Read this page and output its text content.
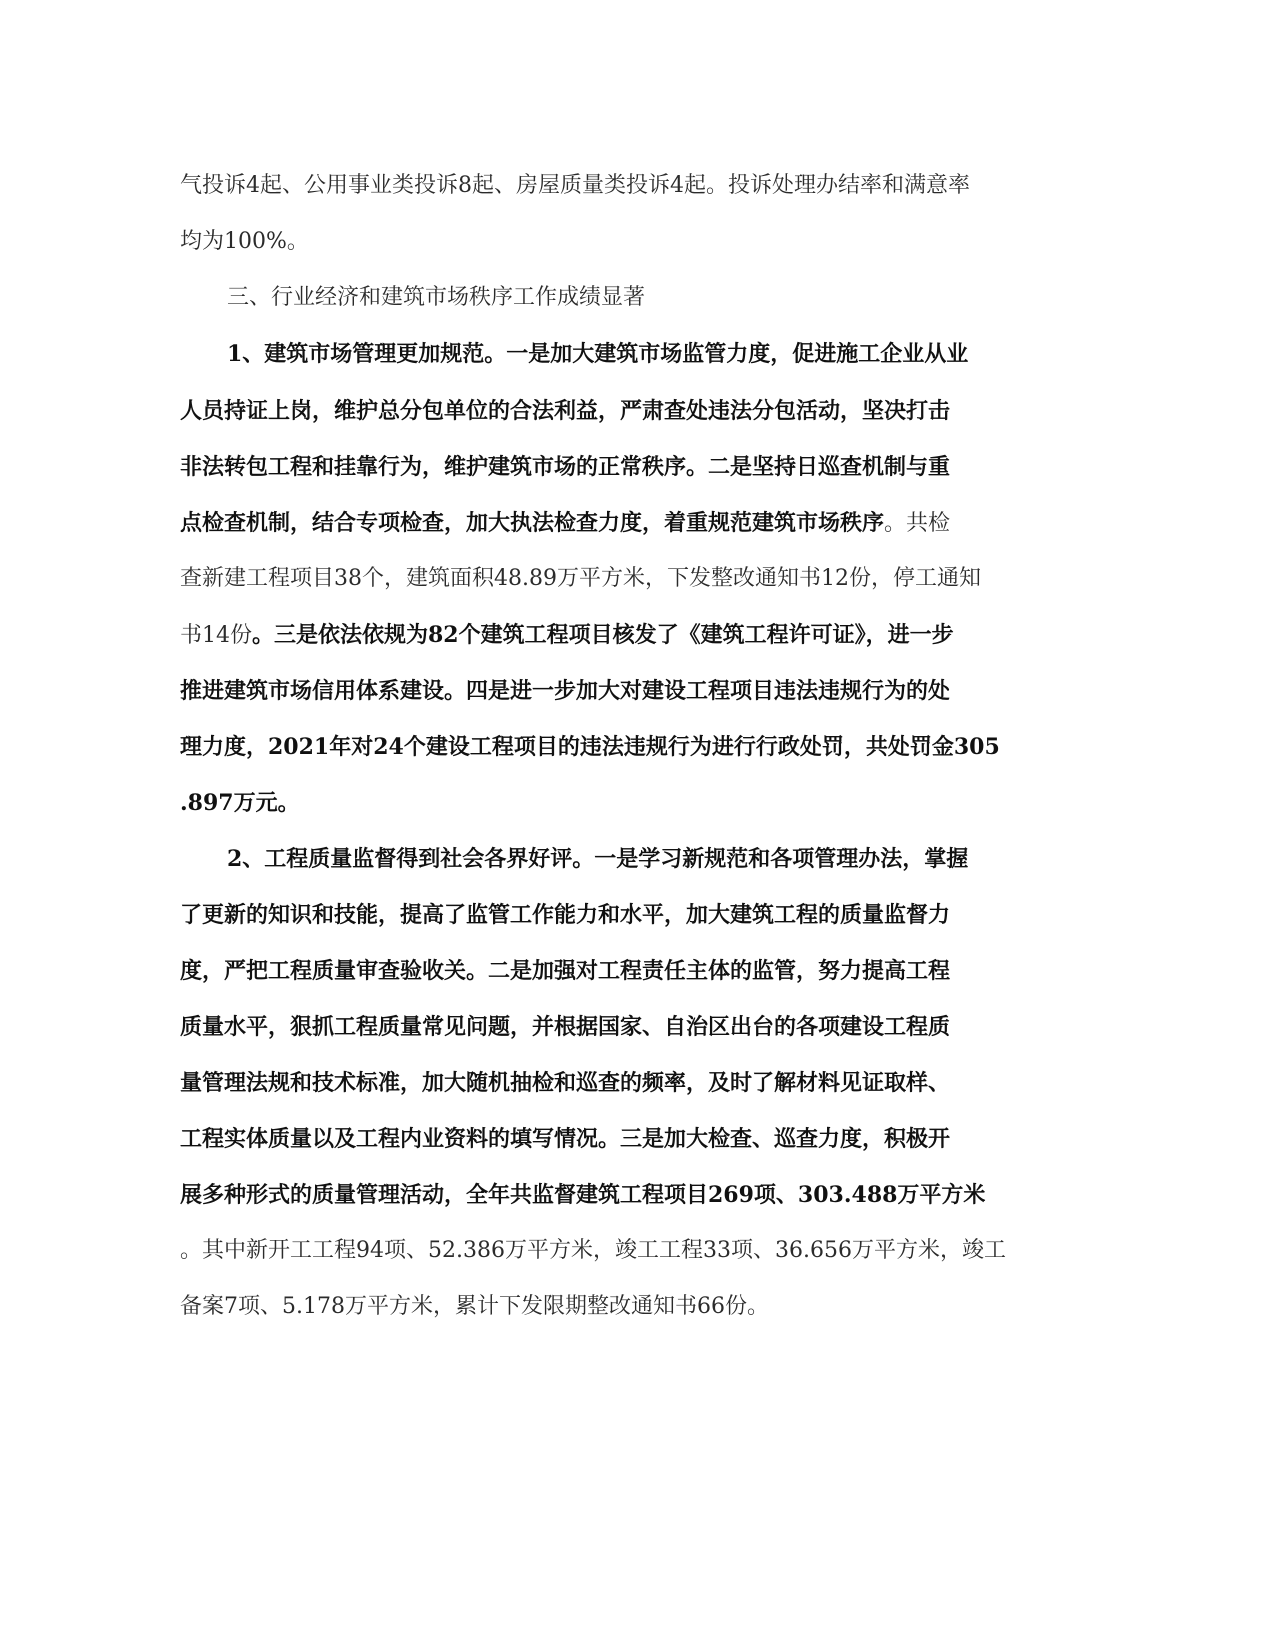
气投诉4起、公用事业类投诉8起、房屋质量类投诉4起。投诉处理办结率和满意率
均为100%。
三、行业经济和建筑市场秩序工作成绩显著
1、建筑市场管理更加规范。一是加大建筑市场监管力度，促进施工企业从业
人员持证上岗，维护总分包单位的合法利益，严肃查处违法分包活动，坚决打击
非法转包工程和挂靠行为，维护建筑市场的正常秩序。二是坚持日巡查机制与重
点检查机制，结合专项检查，加大执法检查力度，着重规范建筑市场秩序。共检
查新建工程项目38个，建筑面积48.89万平方米，下发整改通知书12份，停工通知
书14份。三是依法依规为82个建筑工程项目核发了《建筑工程许可证》，进一步
推进建筑市场信用体系建设。四是进一步加大对建设工程项目违法违规行为的处
理力度，2021年对24个建设工程项目的违法违规行为进行行政处罚，共处罚金305
.897万元。
2、工程质量监督得到社会各界好评。一是学习新规范和各项管理办法，掌握
了更新的知识和技能，提高了监管工作能力和水平，加大建筑工程的质量监督力
度，严把工程质量审查验收关。二是加强对工程责任主体的监管，努力提高工程
质量水平，狠抓工程质量常见问题，并根据国家、自治区出台的各项建设工程质
量管理法规和技术标准，加大随机抽检和巡查的频率，及时了解材料见证取样、
工程实体质量以及工程内业资料的填写情况。三是加大检查、巡查力度，积极开
展多种形式的质量管理活动，全年共监督建筑工程项目269项、303.488万平方米
。其中新开工工程94项、52.386万平方米，竣工工程33项、36.656万平方米，竣工
备案7项、5.178万平方米，累计下发限期整改通知书66份。
